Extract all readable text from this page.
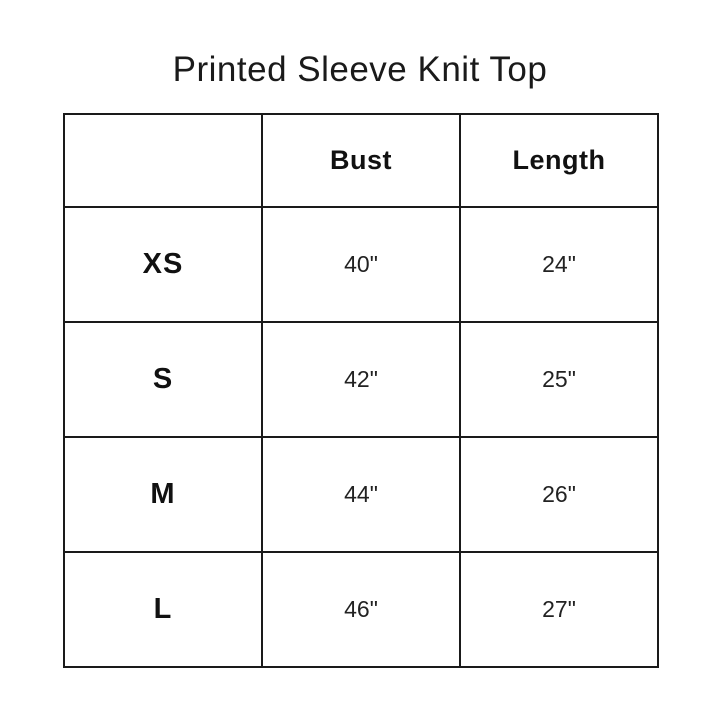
Printed Sleeve Knit Top
	Bust	Length
XS	40"	24"
S	42"	25"
M	44"	26"
L	46"	27"
